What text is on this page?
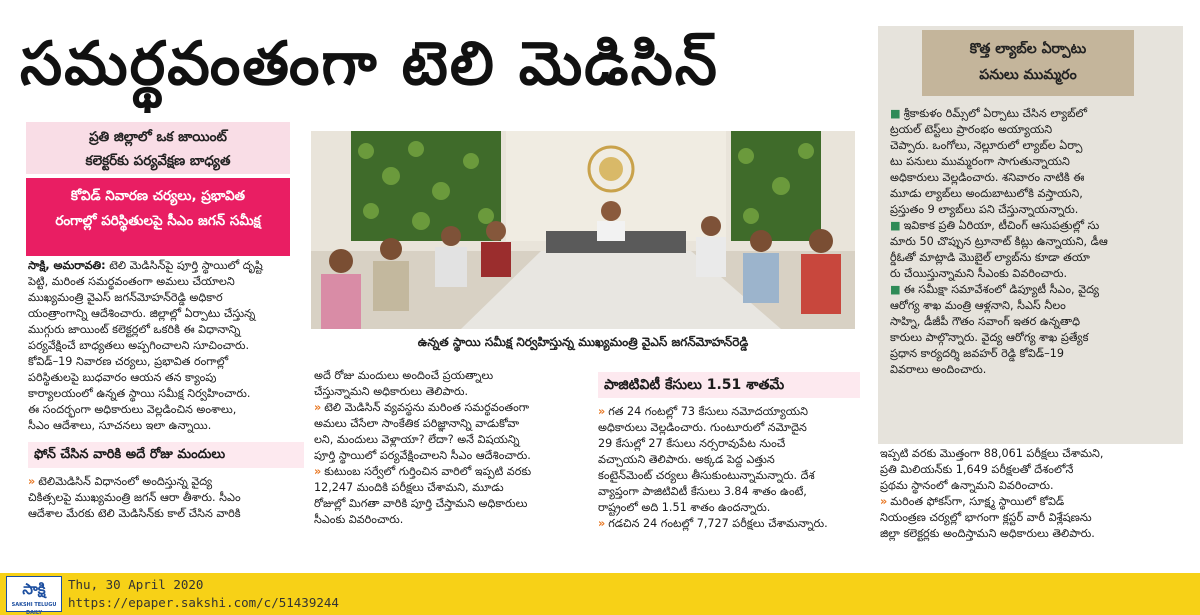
సమర్థవంతంగా టెలి మెడిసిన్
ప్రతి జిల్లాలో ఒక జాయింట్
కలెక్టర్‌కు పర్యవేక్షణ బాధ్యత
కోవిడ్ నివారణ చర్యలు, ప్రభావిత
రంగాల్లో పరిస్థితులపై సీఎం జగన్ సమీక్ష

సాక్షి, అమరావతి: టెలి మెడిసిన్‌పై పూర్తి స్థాయిలో దృష్టి

పెట్టి, మరింత సమర్థవంతంగా అమలు చేయాలని

ముఖ్యమంత్రి వైఎస్ జగన్‌మోహన్‌రెడ్డి అధికార

యంత్రాంగాన్ని ఆదేశించారు. జిల్లాల్లో ఏర్పాటు చేస్తున్న

ముగ్గురు జాయింట్ కలెక్టర్లలో ఒకరికి ఈ విధానాన్ని

పర్యవేక్షించే బాధ్యతలు అప్పగించాలని సూచించారు.

కోవిడ్–19 నివారణ చర్యలు, ప్రభావిత రంగాల్లో

పరిస్థితులపై బుధవారం ఆయన తన క్యాంపు

కార్యాలయంలో ఉన్నత స్థాయి సమీక్ష నిర్వహించారు.

ఈ సందర్భంగా అధికారులు వెల్లడించిన అంశాలు,

సీఎం ఆదేశాలు, సూచనలు ఇలా ఉన్నాయి.

ఫోన్ చేసిన వారికి అదే రోజు మందులు

» టెలిమెడిసిన్ విధానంలో అందిస్తున్న వైద్య

చికిత్సలపై ముఖ్యమంత్రి జగన్ ఆరా తీశారు. సీఎం

ఆదేశాల మేరకు టెలి మెడిసిన్‌కు కాల్ చేసిన వారికి

ఉన్నత స్థాయి సమీక్ష నిర్వహిస్తున్న ముఖ్యమంత్రి వైఎస్ జగన్‌మోహన్‌రెడ్డి

అదే రోజు మందులు అందించే ప్రయత్నాలు

చేస్తున్నామని అధికారులు తెలిపారు.

» టెలి మెడిసిన్ వ్యవస్థను మరింత సమర్థవంతంగా

అమలు చేసేలా సాంకేతిక పరిజ్ఞానాన్ని వాడుకోవా

లని, మందులు వెళ్లాయా? లేదా? అనే విషయన్ని

పూర్తి స్థాయిలో పర్యవేక్షించాలని సీఎం ఆదేశించారు.

» కుటుంబ సర్వేలో గుర్తించిన వారిలో ఇప్పటి వరకు

12,247 మందికి పరీక్షలు చేశామని, మూడు

రోజుల్లో మిగతా వారికి పూర్తి చేస్తామని అధికారులు

సీఎంకు వివరించారు.

పాజిటివిటీ కేసులు 1.51 శాతమే

» గత 24 గంటల్లో 73 కేసులు నమోదయ్యాయని

అధికారులు వెల్లడించారు. గుంటూరులో నమోదైన

29 కేసుల్లో 27 కేసులు నర్సరావుపేట నుంచే

వచ్చాయని తెలిపారు. అక్కడ పెద్ద ఎత్తున

కంటైన్‌మెంట్ చర్యలు తీసుకుంటున్నామన్నారు. దేశ

వ్యాప్తంగా పాజిటివిటీ కేసులు 3.84 శాతం ఉంటే,

రాష్ట్రంలో అది 1.51 శాతం ఉందన్నారు.

» గడచిన 24 గంటల్లో 7,727 పరీక్షలు చేశామన్నారు.

కొత్త ల్యాబ్‌ల ఏర్పాటు
పనులు ముమ్మరం

■ శ్రీకాకుళం రిమ్స్‌లో ఏర్పాటు చేసిన ల్యాబ్‌లో

ట్రయల్ టెస్ట్‌లు ప్రారంభం అయ్యాయని

చెప్పారు. ఒంగోలు, నెల్లూరులో ల్యాబ్‌ల ఏర్పా

టు పనులు ముమ్మరంగా సాగుతున్నాయని

అధికారులు వెల్లడించారు. శనివారం నాటికి ఈ

మూడు ల్యాబ్‌లు అందుబాటులోకి వస్తాయని,

ప్రస్తుతం 9 ల్యాబ్‌లు పని చేస్తున్నాయన్నారు.

■ ఇవికాక ప్రతి ఏరియా, టీచింగ్ ఆసుపత్రుల్లో సు

మారు 50 చొప్పున ట్రూనాట్ కిట్లు ఉన్నాయని, డీఆ

ర్డీఓతో మాట్లాడి మొబైల్ ల్యాబ్‌ను కూడా తయా

రు చేయిస్తున్నామని సీఎంకు వివరించారు.

■ ఈ సమీక్షా సమావేశంలో డిప్యూటీ సీఎం, వైద్య

ఆరోగ్య శాఖ మంత్రి ఆళ్లనాని, సీఎస్ నీలం

సాహ్ని, డీజీపీ గౌతం సవాంగ్ ఇతర ఉన్నతాధి

కారులు పాల్గొన్నారు. వైద్య ఆరోగ్య శాఖ ప్రత్యేక

ప్రధాన కార్యదర్శి జవహర్ రెడ్డి కోవిడ్–19

వివరాలు అందించారు.

ఇప్పటి వరకు మొత్తంగా 88,061 పరీక్షలు చేశామని,

ప్రతి మిలియన్‌కు 1,649 పరీక్షలతో దేశంలోనే

ప్రథమ స్థానంలో ఉన్నామని వివరించారు.

» మరింత ఫోకస్‌గా, సూక్ష్మ స్థాయిలో కోవిడ్

నియంత్రణ చర్యల్లో భాగంగా క్లస్టర్ వారీ విశ్లేషణను

జిల్లా కలెక్టర్లకు అందిస్తామని అధికారులు తెలిపారు.

సాక్షి
SAKSHI TELUGU DAILY
Thu, 30 April 2020
https://epaper.sakshi.com/c/51439244
